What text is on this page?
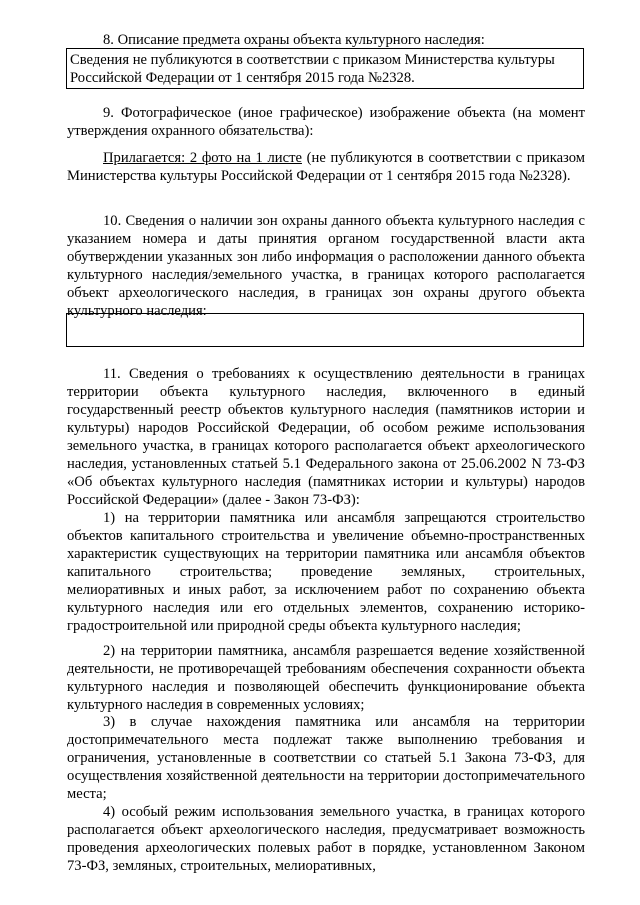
8. Описание предмета охраны объекта культурного наследия:
Сведения не публикуются в соответствии с приказом Министерства культуры Российской Федерации от 1 сентября 2015 года №2328.

9. Фотографическое (иное графическое) изображение объекта (на момент утверждения охранного обязательства):

Прилагается: 2 фото на 1 листе (не публикуются в соответствии с приказом Министерства культуры Российской Федерации от 1 сентября 2015 года №2328).

10. Сведения о наличии зон охраны данного объекта культурного наследия с указанием номера и даты принятия органом государственной власти акта обутверждении указанных зон либо информация о расположении данного объекта культурного наследия/земельного участка, в границах которого располагается объект археологического наследия, в границах зон охраны другого объекта культурного наследия:

11. Сведения о требованиях к осуществлению деятельности в границах территории объекта культурного наследия, включенного в единый государственный реестр объектов культурного наследия (памятников истории и культуры) народов Российской Федерации, об особом режиме использования земельного участка, в границах которого располагается объект археологического наследия, установленных статьей 5.1 Федерального закона от 25.06.2002 N 73-ФЗ «Об объектах культурного наследия (памятниках истории и культуры) народов Российской Федерации» (далее - Закон 73-ФЗ):

1) на территории памятника или ансамбля запрещаются строительство объектов капитального строительства и увеличение объемно-пространственных характеристик существующих на территории памятника или ансамбля объектов капитального строительства; проведение земляных, строительных, мелиоративных и иных работ, за исключением работ по сохранению объекта культурного наследия или его отдельных элементов, сохранению историко-градостроительной или природной среды объекта культурного наследия;

2) на территории памятника, ансамбля разрешается ведение хозяйственной деятельности, не противоречащей требованиям обеспечения сохранности объекта культурного наследия и позволяющей обеспечить функционирование объекта культурного наследия в современных условиях;

3) в случае нахождения памятника или ансамбля на территории достопримечательного места подлежат также выполнению требования и ограничения, установленные в соответствии со статьей 5.1 Закона 73-ФЗ, для осуществления хозяйственной деятельности на территории достопримечательного места;

4) особый режим использования земельного участка, в границах которого располагается объект археологического наследия, предусматривает возможность проведения археологических полевых работ в порядке, установленном Законом 73-ФЗ, земляных, строительных, мелиоративных,
